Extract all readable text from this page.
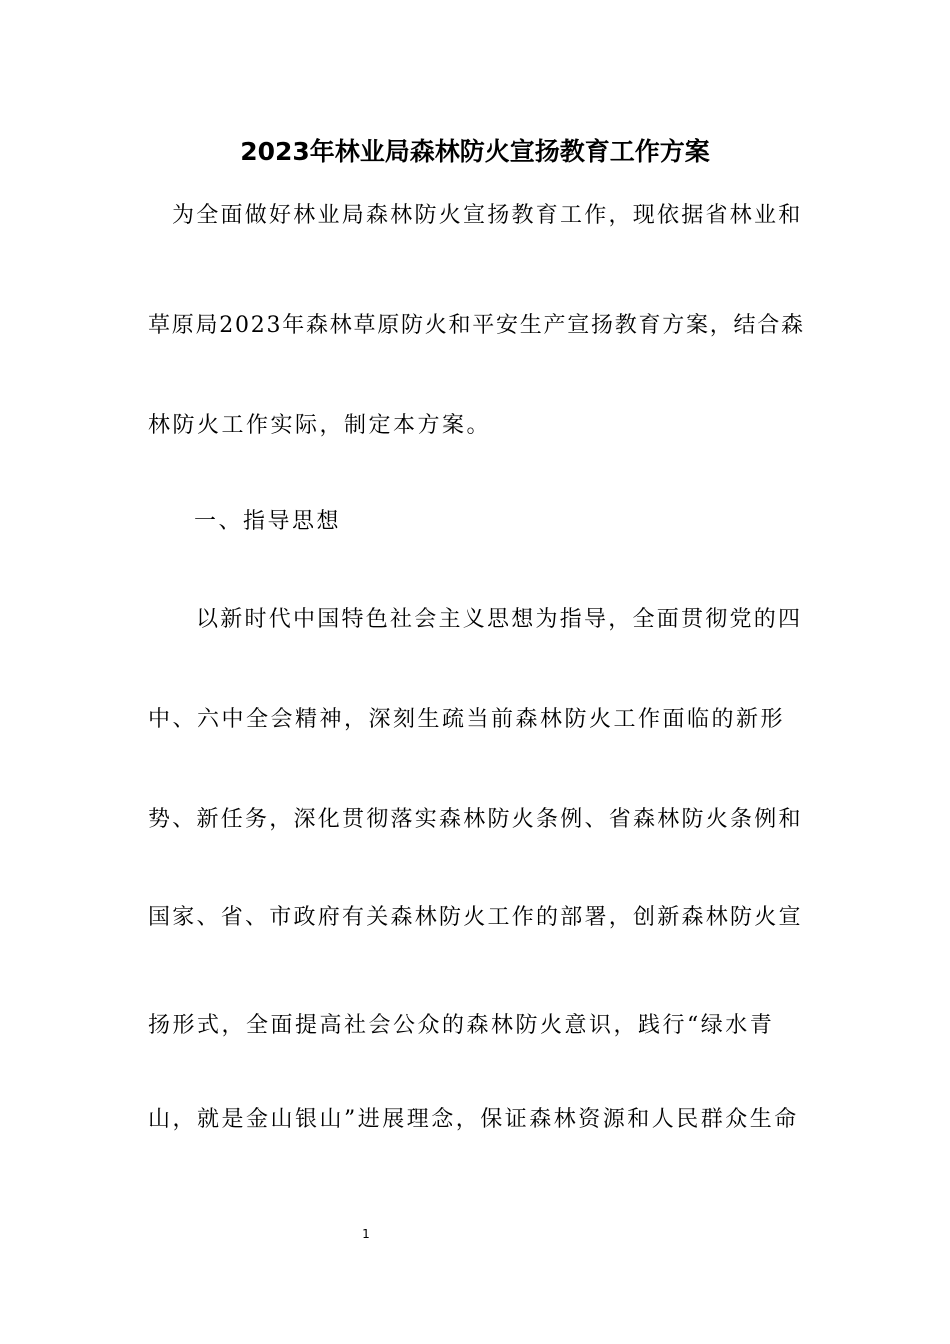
2023年林业局森林防火宣扬教育工作方案

为全面做好林业局森林防火宣扬教育工作，现依据省林业和

草原局2023年森林草原防火和平安生产宣扬教育方案，结合森

林防火工作实际，制定本方案。

一、指导思想

以新时代中国特色社会主义思想为指导，全面贯彻党的四

中、六中全会精神，深刻生疏当前森林防火工作面临的新形

势、新任务，深化贯彻落实森林防火条例、省森林防火条例和

国家、省、市政府有关森林防火工作的部署，创新森林防火宣

扬形式，全面提高社会公众的森林防火意识，践行“绿水青

山，就是金山银山”进展理念，保证森林资源和人民群众生命

1
